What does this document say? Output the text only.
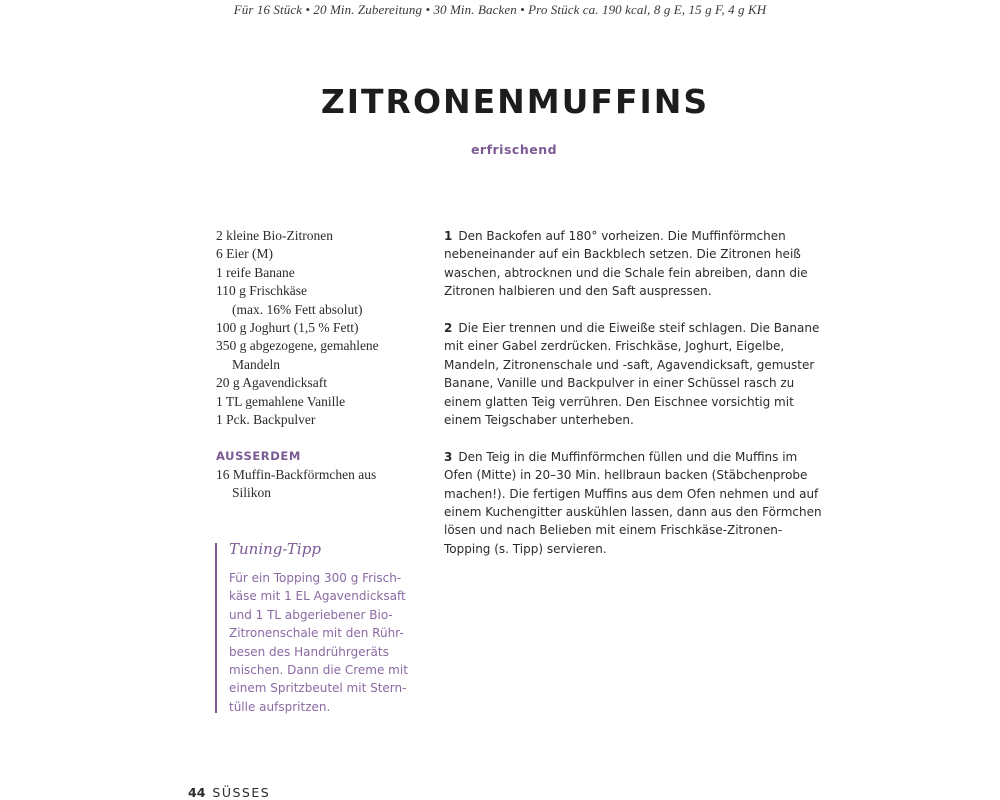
Für 16 Stück • 20 Min. Zubereitung • 30 Min. Backen • Pro Stück ca. 190 kcal, 8 g E, 15 g F, 4 g KH
ZITRONENMUFFINS
erfrischend
2 kleine Bio-Zitronen
6 Eier (M)
1 reife Banane
110 g Frischkäse
(max. 16% Fett absolut)
100 g Joghurt (1,5 % Fett)
350 g abgezogene, gemahlene
Mandeln
20 g Agavendicksaft
1 TL gemahlene Vanille
1 Pck. Backpulver
AUSSERDEM
16 Muffin-Backförmchen aus
Silikon
Tuning-Tipp
Für ein Topping 300 g Frisch-
käse mit 1 EL Agavendicksaft
und 1 TL abgeriebener Bio-
Zitronenschale mit den Rühr-
besen des Handrührgeräts
mischen. Dann die Creme mit
einem Spritzbeutel mit Stern-
tülle aufspritzen.
1 Den Backofen auf 180° vorheizen. Die Muffinförmchen
nebeneinander auf ein Backblech setzen. Die Zitronen heiß
waschen, abtrocknen und die Schale fein abreiben, dann die
Zitronen halbieren und den Saft auspressen.
2 Die Eier trennen und die Eiweiße steif schlagen. Die Banane
mit einer Gabel zerdrücken. Frischkäse, Joghurt, Eigelbe,
Mandeln, Zitronenschale und -saft, Agavendicksaft, gemuster
Banane, Vanille und Backpulver in einer Schüssel rasch zu
einem glatten Teig verrühren. Den Eischnee vorsichtig mit
einem Teigschaber unterheben.
3 Den Teig in die Muffinförmchen füllen und die Muffins im
Ofen (Mitte) in 20–30 Min. hellbraun backen (Stäbchenprobe
machen!). Die fertigen Muffins aus dem Ofen nehmen und auf
einem Kuchengitter auskühlen lassen, dann aus den Förmchen
lösen und nach Belieben mit einem Frischkäse-Zitronen-
Topping (s. Tipp) servieren.
44 SÜSSES
